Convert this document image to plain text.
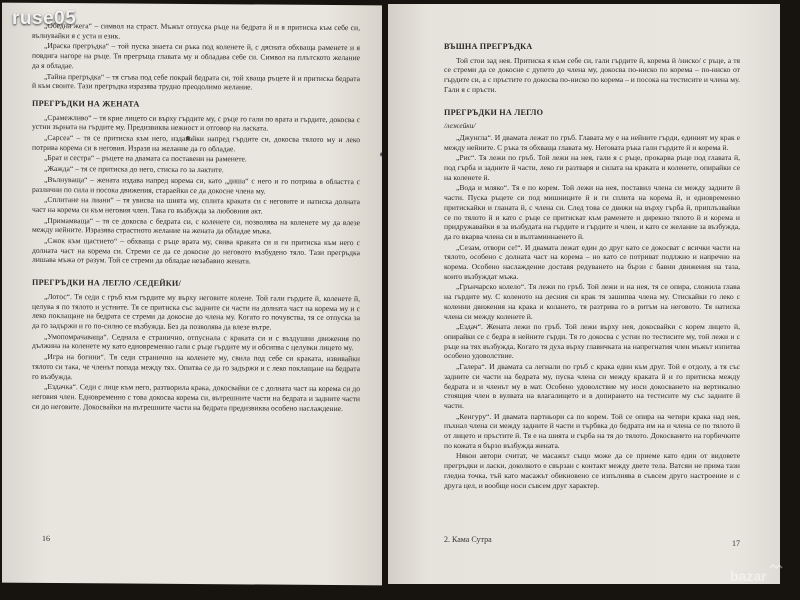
ruse05
bazar

„Обедна жега“ – символ на страст. Мъжът отпуска ръце на бедрата й и я притиска към себе си, вълнувайки я с уста и език.

„Ирaска прегръдка“ – той пуска знаета си ръка под коленете й, с дясната обхваща раменете и я повдига нагоре на ръце. Тя прегръща главата му и обладава себе си. Символ на плътското желание да я обладае.

„Тайна прегръдка“ – тя сгъва под себе покрай бедрата си, той хваща ръцете й и притиска бедрата й към своите. Тази прегръдка изразява трудно преодолимо желание.

ПРЕГРЪДКИ НА ЖЕНАТА

„Срамежливо“ – тя крие лицето си върху гърдите му, с ръце го гали по врата и гърдите, докосва с устни зърната на гърдите му. Предизвиква нежност и отговор на ласката.

„Сарсеа“ – тя се притиска към него, издавайки напред гърдите си, докосва тялото му и леко потрива корема си в неговия. Изразя на желание да го обладае.

„Брат и сестра“ – ръцете на двамата са поставени на раменете.

„Жажда“ – тя се притиска до него, стиска го за лактите.

„Вълнуваща“ – жената издава напред корема си, като „диша“ с него и го потрива в областта с различни по сила и посока движения, стараейки се да докосне члена му.

„Сплитане на лиани“ – тя увисва на шията му, сплита краката си с неговите и натиска долната част на корема си към неговия член. Така го възбужда за любовния акт.

„Примамваща“ – тя се докосва с бедрата си, с коленете си, позволява на коленете му да влезе между нейните. Изразява страстното желание на жената да обладае мъжа.

„Сжок към щастието“ – обхваща с ръце врата му, свива краката си и ги притиска към него с долната част на корема си. Стреми се да се докосне до неговото възбудено тяло. Тази прегръдка лишава мъжа от разум. Той се стреми да обладае незабавно жената.

ПРЕГРЪДКИ НА ЛЕГЛО /СЕДЕЙКИ/

„Лотос“. Тя седи с гръб към гърдите му върху неговите колене. Той гали гърдите й, коленете й, целува я по тялото и устните. Тя се притиска със задните си части на долната част на корема му и с леко поклащане на бедрата се стреми да докосне до члена му. Когато го почувства, тя се отпуска за да го задържи и го по-силно се възбужда. Без да позволява да влезе вътре.

„Умопомрачаваща“. Седнала е странично, отпуснала с краката си и с въздушни движения по дължина на коленете му като едновременно гали с ръце гърдите му и обсипва с целувки лицето му.

„Игра на богини“. Тя седи странично на коленете му, свила под себе си краката, извивайки тялото си така, че членът попада между тях. Опитва се да го задържи и с леко поклащане на бедрата го възбужда.

„Ездачка“. Седи с лице към него, разтворила крака, докосвайки се с долната част на корема си до неговия член. Едновременно с това докосва корема си, вътрешните части на бедрата и задните части си до неговите. Докосвайки на вътрешните части на бедрата предизвиква особено наслаждение.

16
ВЪШНА ПРЕГРЪДКА

Той стои зад нея. Притиска я към себе си, гали гърдите й, корема й /ниско/ с ръце, а тя се стреми да се докосне с дупето до члена му, докосва по-ниско по корема – по-ниско от гърдите си, а с пръстите го докосва по-ниско по корема – и посока на тестисите и члена му. Гали я с пръсти.

ПРЕГРЪДКИ НА ЛЕГЛО
/лежейки/

„Джунгла“. И двамата лежат по гръб. Главата му е на нейните гърди, единият му крак е между нейните. С ръка тя обхваща главата му. Неговата ръка гали гърдите й и корема й.

„Рис“. Тя лежи по гръб. Той лежи на нея, гали я с ръце, прокарва ръце под главата й, под гърба и задните й части, леко ги разтваря и силата на краката и коленете, опирайки се на коленете й.

„Вода и мляко“. Тя е по корем. Той лежи на нея, поставил члена си между задните й части. Пуска ръцете си под мишниците й и ги сплита на корема й, и едновременно притискайки и гланата й, с членa си. След това се движи на върху гърба й, приплъзвайки се по тялото й и като с ръце се притискат към раменете и дирекно тялото й и коремa и придружавайки я за възбудата на гърдите и гърдите и член, и като се желание за възбужда, да го вкарва члена си в вълтаминнаенето й.

„Сезам, отвори се!“. И двамата лежат един до друг като се докосват с всички части на тялото, особено с долната част на корема – но като се потриват подлжно и напречно на корема. Особено наслаждение доставя редуването на бързи с бавни движения на тазa, които възбуждат мъжа.

„Грънчарско колело“. Тя лежи по гръб. Той лежи и на нея, тя се опира, сложила глава на гърдите му. С коленото на десния си крак тя зашипва члена му. Стискайки го леко с коленни движения на крака и колането, тя разтрива го в ритъм на неговото. Тя натиска члена си между коленете й.

„Ездач“. Жената лежи по гръб. Той лежи върху нея, докосвайки с корем лицето й, опирайки се с бедра в нейните гърди. Тя го докосва с устни по тестисите му, той лежи и с ръце на тях възбужда, Когато тя духа върху главичката на напрегнатия член мъжът изпитва особено удоволствие.

„Галера“. И двамата са легнали по гръб с крака един към друг. Той е отдолу, а тя със задните си части на бедрата му, пуска члена си между краката й и го притиска между бедрата и и членът му в мат. Особено удоволствие му носи докосването на вертикално стоящия член в вулвата на влагалището и в допирането на тестисите му със задните й части.

„Кенгуру“. И двамата партньори са по корем. Той се опира на четири крака над нея, пъхнал члена си между задните й части и търбвка до бедрата им на и члена се по тялото й от лицето и пръстите й. Тя е на шията и гърба на тя до тялото. Докосването на горбичките по кожата я бързо възбужда жената.

Някои автори считат, че масажът също може да се приеме като един от видовете прегръдки и ласки, доколкото е свързан с контакт между двете тела. Ватсяи не прима тази гледна точка, тъй като масажът обикновено се изпълнява в съвсем друго настроение и с друга цел, и вообще носи съвсем друг характер.

2. Кама Сутра	17
